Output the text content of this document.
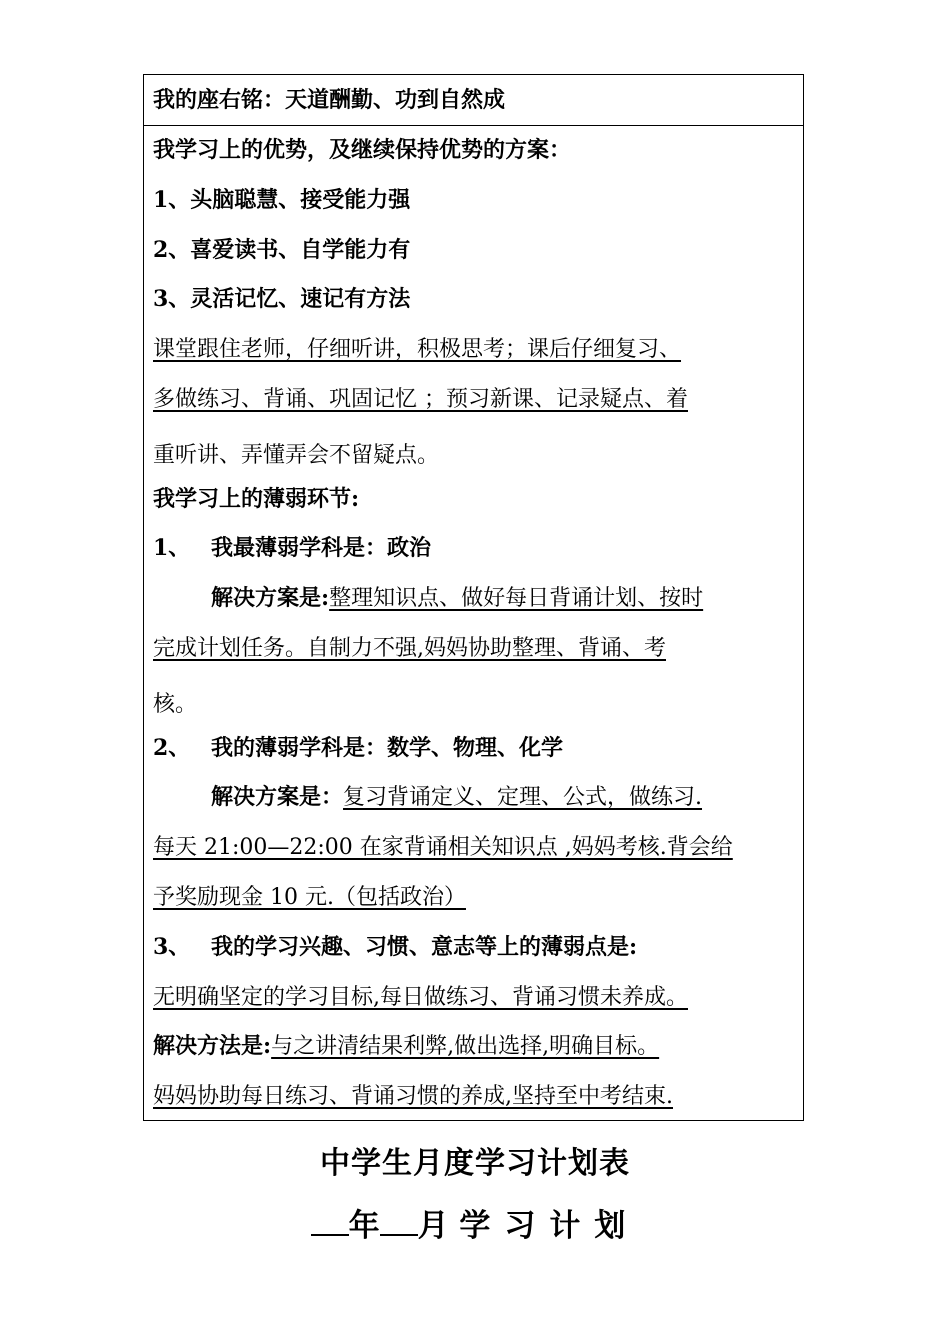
我的座右铭：天道酬勤、功到自然成
我学习上的优势，及继续保持优势的方案：
1、头脑聪慧、接受能力强
2、喜爱读书、自学能力有
3、灵活记忆、速记有方法
课堂跟住老师，仔细听讲，积极思考；课后仔细复习、
多做练习、背诵、巩固记忆 ；预习新课、记录疑点、着
重听讲、弄懂弄会不留疑点。
我学习上的薄弱环节:
1、 我最薄弱学科是：政治
解决方案是:整理知识点、做好每日背诵计划、按时
完成计划任务。自制力不强,妈妈协助整理、背诵、考
核。
2、 我的薄弱学科是：数学、物理、化学
解决方案是：复习背诵定义、定理、公式，做练习.
每天 21:00—22:00 在家背诵相关知识点 ,妈妈考核.背会给
予奖励现金 10 元.（包括政治）
3、 我的学习兴趣、习惯、意志等上的薄弱点是:
无明确坚定的学习目标,每日做练习、背诵习惯未养成。
解决方法是:与之讲清结果利弊,做出选择,明确目标。
妈妈协助每日练习、背诵习惯的养成,坚持至中考结束.
中学生月度学习计划表
年 月 学习计划
